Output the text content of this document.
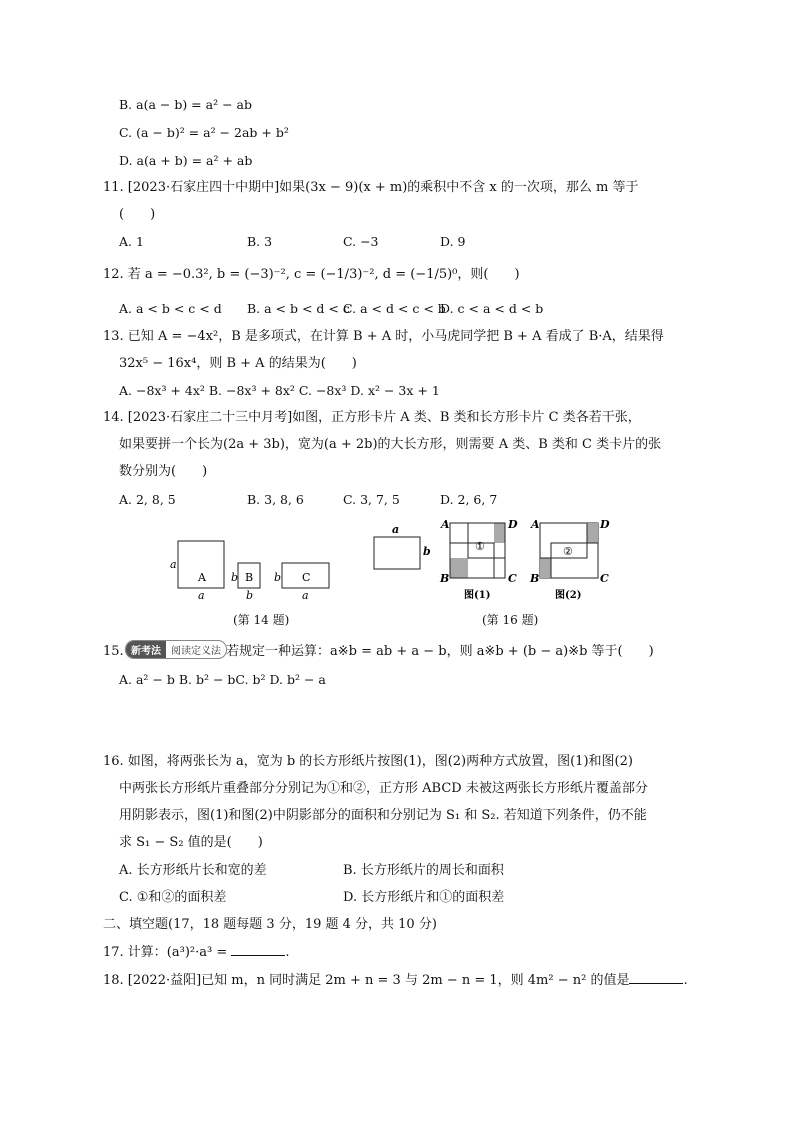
B. a(a − b) = a² − ab
C. (a − b)² = a² − 2ab + b²
D. a(a + b) = a² + ab
11. [2023·石家庄四十中期中]如果(3x − 9)(x + m)的乘积中不含 x 的一次项，那么 m 等于
(　　)
A. 1	B. 3	C. −3	D. 9
12. 若 a = −0.3², b = (−3)⁻², c = (−1/3)⁻², d = (−1/5)⁰，则(　　)
A. a < b < c < d B. a < b < d < c
C. a < d < c < b
D. c < a < d < b
13. 已知 A = −4x²，B 是多项式，在计算 B + A 时，小马虎同学把 B + A 看成了 B·A，结果得
32x⁵ − 16x⁴，则 B + A 的结果为(　　)
A. −8x³ + 4x² B. −8x³ + 8x² C. −8x³ D. x² − 3x + 1
14. [2023·石家庄二十三中月考]如图，正方形卡片 A 类、B 类和长方形卡片 C 类各若干张，
如果要拼一个长为(2a + 3b)，宽为(a + 2b)的大长方形，则需要 A 类、B 类和 C 类卡片的张
数分别为(　　)
A. 2, 8, 5	B. 3, 8, 6	C. 3, 7, 5	D. 2, 6, 7
a
A
a
b B
b
b C
a
(第 14 题)
a
b
A	D
B	C
①
图(1)
A	D
B	C
②
图(2)
(第 16 题)
15. 新考法	阅读定义法 若规定一种运算：a※b = ab + a − b，则 a※b + (b − a)※b 等于(　　)
A. a² − b B. b² − bC. b² D. b² − a
16. 如图，将两张长为 a，宽为 b 的长方形纸片按图(1)，图(2)两种方式放置，图(1)和图(2)
中两张长方形纸片重叠部分分别记为①和②，正方形 ABCD 未被这两张长方形纸片覆盖部分
用阴影表示，图(1)和图(2)中阴影部分的面积和分别记为 S₁ 和 S₂. 若知道下列条件，仍不能
求 S₁ − S₂ 值的是(　　)
A. 长方形纸片长和宽的差	B. 长方形纸片的周长和面积
C. ①和②的面积差	D. 长方形纸片和①的面积差
二、填空题(17，18 题每题 3 分，19 题 4 分，共 10 分)
17. 计算：(a³)²·a³ =	.
18. [2022·益阳]已知 m，n 同时满足 2m + n = 3 与 2m − n = 1，则 4m² − n² 的值是	.
